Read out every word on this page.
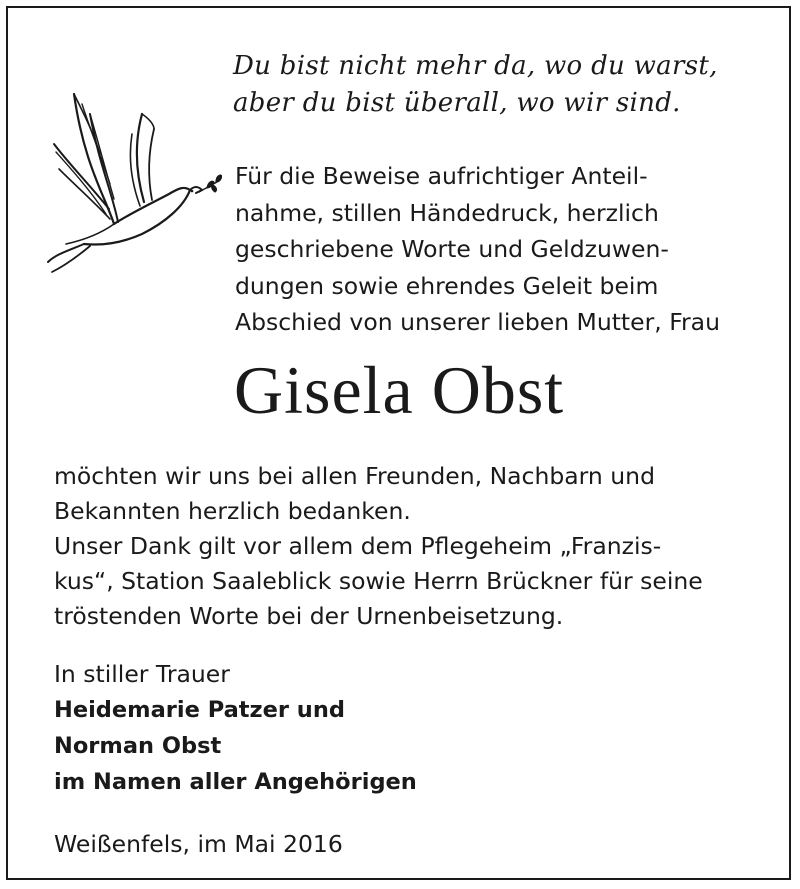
Du bist nicht mehr da, wo du warst,
aber du bist überall, wo wir sind.
Für die Beweise aufrichtiger Anteil-
nahme, stillen Händedruck, herzlich
geschriebene Worte und Geldzuwen-
dungen sowie ehrendes Geleit beim
Abschied von unserer lieben Mutter, Frau
Gisela Obst
möchten wir uns bei allen Freunden, Nachbarn und
Bekannten herzlich bedanken.
Unser Dank gilt vor allem dem Pflegeheim „Franzis-
kus“, Station Saaleblick sowie Herrn Brückner für seine
tröstenden Worte bei der Urnenbeisetzung.
In stiller Trauer
Heidemarie Patzer und
Norman Obst
im Namen aller Angehörigen
Weißenfels, im Mai 2016
